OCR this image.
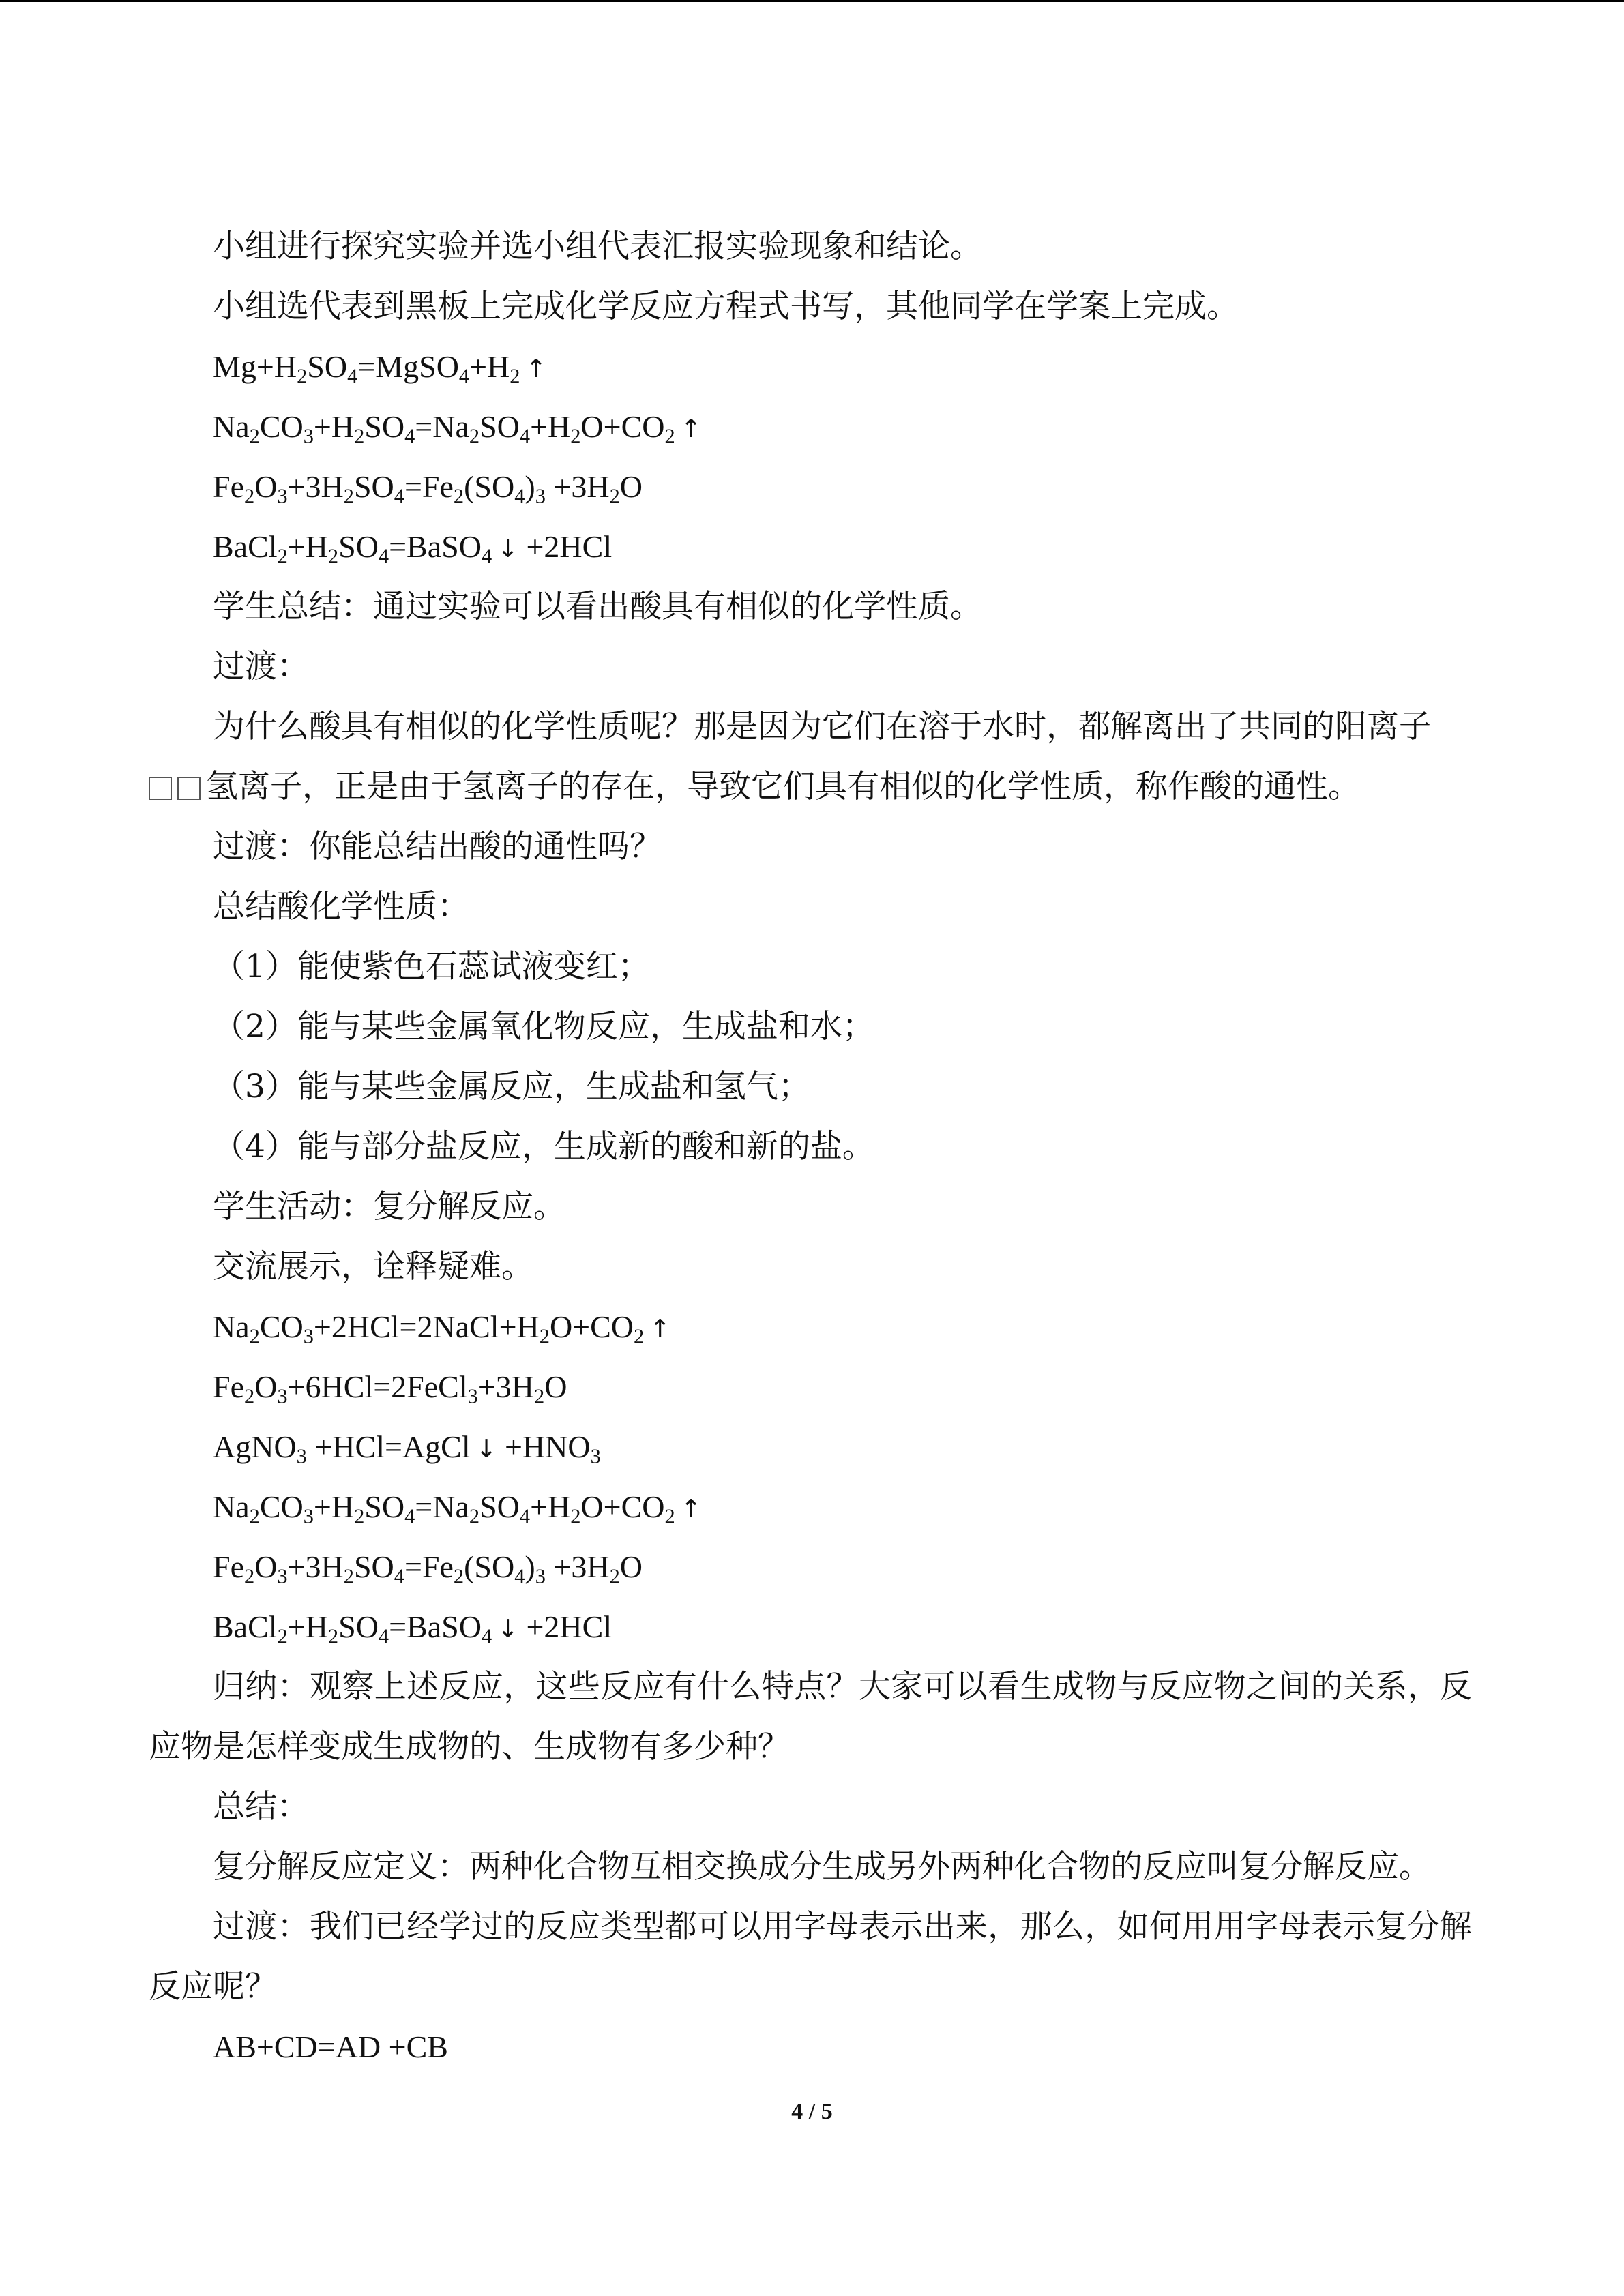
小组进行探究实验并选小组代表汇报实验现象和结论。
小组选代表到黑板上完成化学反应方程式书写，其他同学在学案上完成。
$Mg+H_2SO_4=MgSO_4+H_2$ ↑
$Na_2CO_3+H_2SO_4=Na_2SO_4+H_2O+CO_2$ ↑
$Fe_2O_3+3H_2SO_4=Fe_2(SO_4)_3 +3H_2O$
$BaCl_2+H_2SO_4=BaSO_4$ ↓ +2HCl
学生总结：通过实验可以看出酸具有相似的化学性质。
过渡：
为什么酸具有相似的化学性质呢？那是因为它们在溶于水时，都解离出了共同的阳离子
氢离子，正是由于氢离子的存在，导致它们具有相似的化学性质，称作酸的通性。
过渡：你能总结出酸的通性吗？
总结酸化学性质：
（1）能使紫色石蕊试液变红；
（2）能与某些金属氧化物反应，生成盐和水；
（3）能与某些金属反应，生成盐和氢气；
（4）能与部分盐反应，生成新的酸和新的盐。
学生活动：复分解反应。
交流展示，诠释疑难。
$Na_2CO_3+2HCl=2NaCl+H_2O+CO_2$ ↑
$Fe_2O_3+6HCl=2FeCl_3+3H_2O$
AgNO$_3$ +HCl=AgCl ↓ $+HNO_3$
$Na_2CO_3+H_2SO_4=Na_2SO_4+H_2O+CO_2$ ↑
$Fe_2O_3+3H_2SO_4=Fe_2(SO_4)_3 +3H_2O$
$BaCl_2+H_2SO_4=BaSO_4$ ↓ +2HCl
归纳：观察上述反应，这些反应有什么特点？大家可以看生成物与反应物之间的关系，反应物是怎样变成生成物的、生成物有多少种？
总结：
复分解反应定义：两种化合物互相交换成分生成另外两种化合物的反应叫复分解反应。
过渡：我们已经学过的反应类型都可以用字母表示出来，那么，如何用用字母表示复分解反应呢？
AB+CD=AD +CB
4 / 5
